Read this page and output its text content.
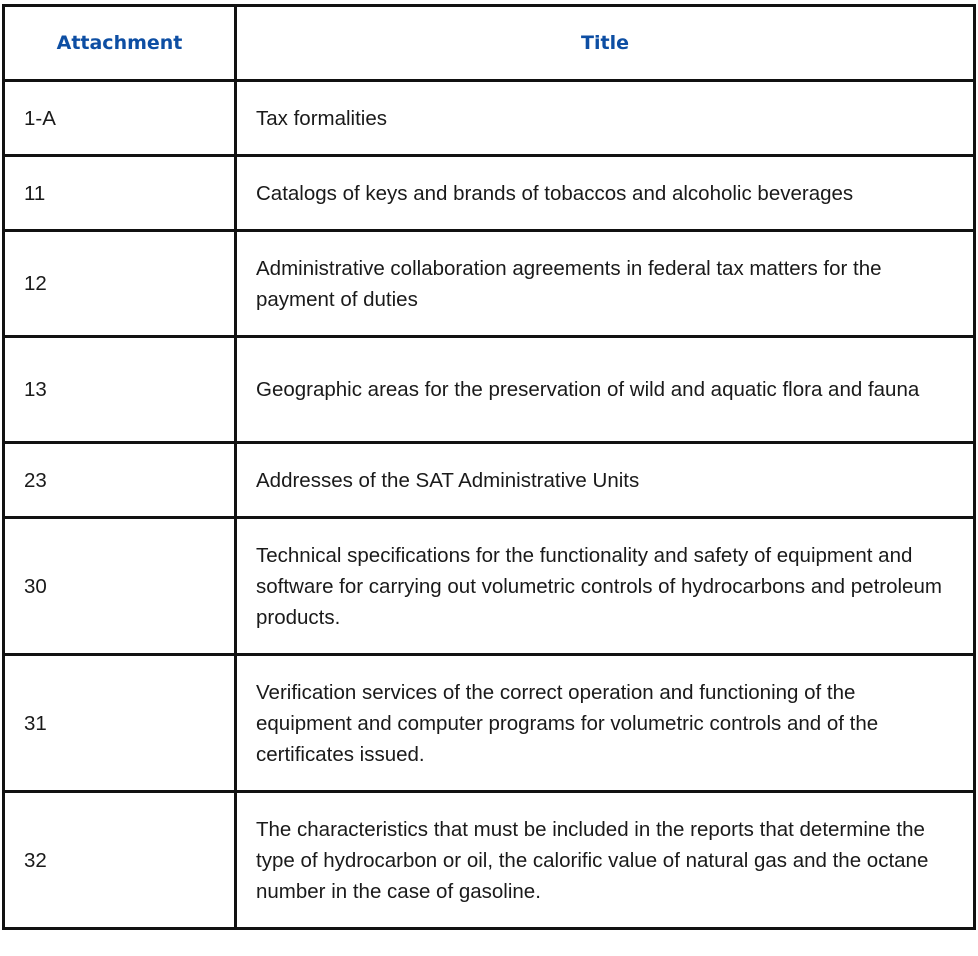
Attachment	Title
1-A	Tax formalities
11	Catalogs of keys and brands of tobaccos and alcoholic beverages
12	Administrative collaboration agreements in federal tax matters for the payment of duties
13	Geographic areas for the preservation of wild and aquatic flora and fauna
23	Addresses of the SAT Administrative Units
30	Technical specifications for the functionality and safety of equipment and software for carrying out volumetric controls of hydrocarbons and petroleum products.
31	Verification services of the correct operation and functioning of the equipment and computer programs for volumetric controls and of the certificates issued.
32	The characteristics that must be included in the reports that determine the type of hydrocarbon or oil, the calorific value of natural gas and the octane number in the case of gasoline.
